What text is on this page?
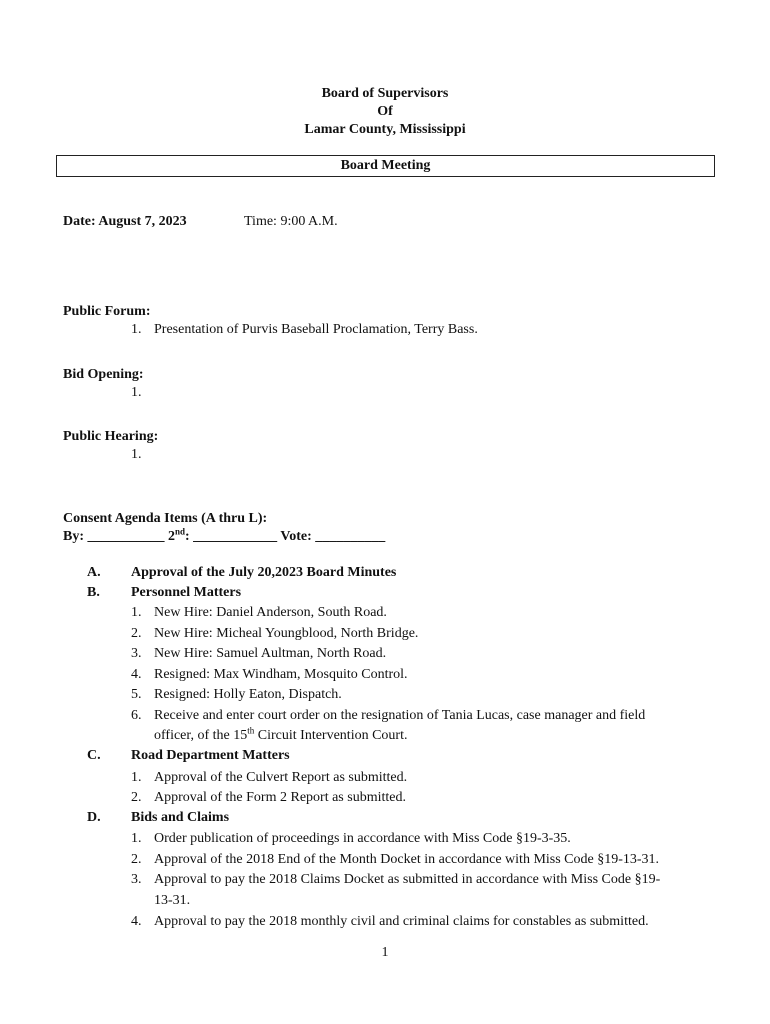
Board of Supervisors
Of
Lamar County, Mississippi
Board Meeting
Date: August 7, 2023	Time: 9:00 A.M.
Public Forum:
1. Presentation of Purvis Baseball Proclamation, Terry Bass.
Bid Opening:
1.
Public Hearing:
1.
Consent Agenda Items (A thru L):
By: ___________ 2nd: ____________ Vote: __________
A. Approval of the July 20,2023 Board Minutes
B. Personnel Matters
1. New Hire: Daniel Anderson, South Road.
2. New Hire: Micheal Youngblood, North Bridge.
3. New Hire: Samuel Aultman, North Road.
4. Resigned: Max Windham, Mosquito Control.
5. Resigned: Holly Eaton, Dispatch.
6. Receive and enter court order on the resignation of Tania Lucas, case manager and field
officer, of the 15th Circuit Intervention Court.
C. Road Department Matters
1. Approval of the Culvert Report as submitted.
2. Approval of the Form 2 Report as submitted.
D. Bids and Claims
1. Order publication of proceedings in accordance with Miss Code §19-3-35.
2. Approval of the 2018 End of the Month Docket in accordance with Miss Code §19-13-31.
3. Approval to pay the 2018 Claims Docket as submitted in accordance with Miss Code §19-
13-31.
4. Approval to pay the 2018 monthly civil and criminal claims for constables as submitted.
1
